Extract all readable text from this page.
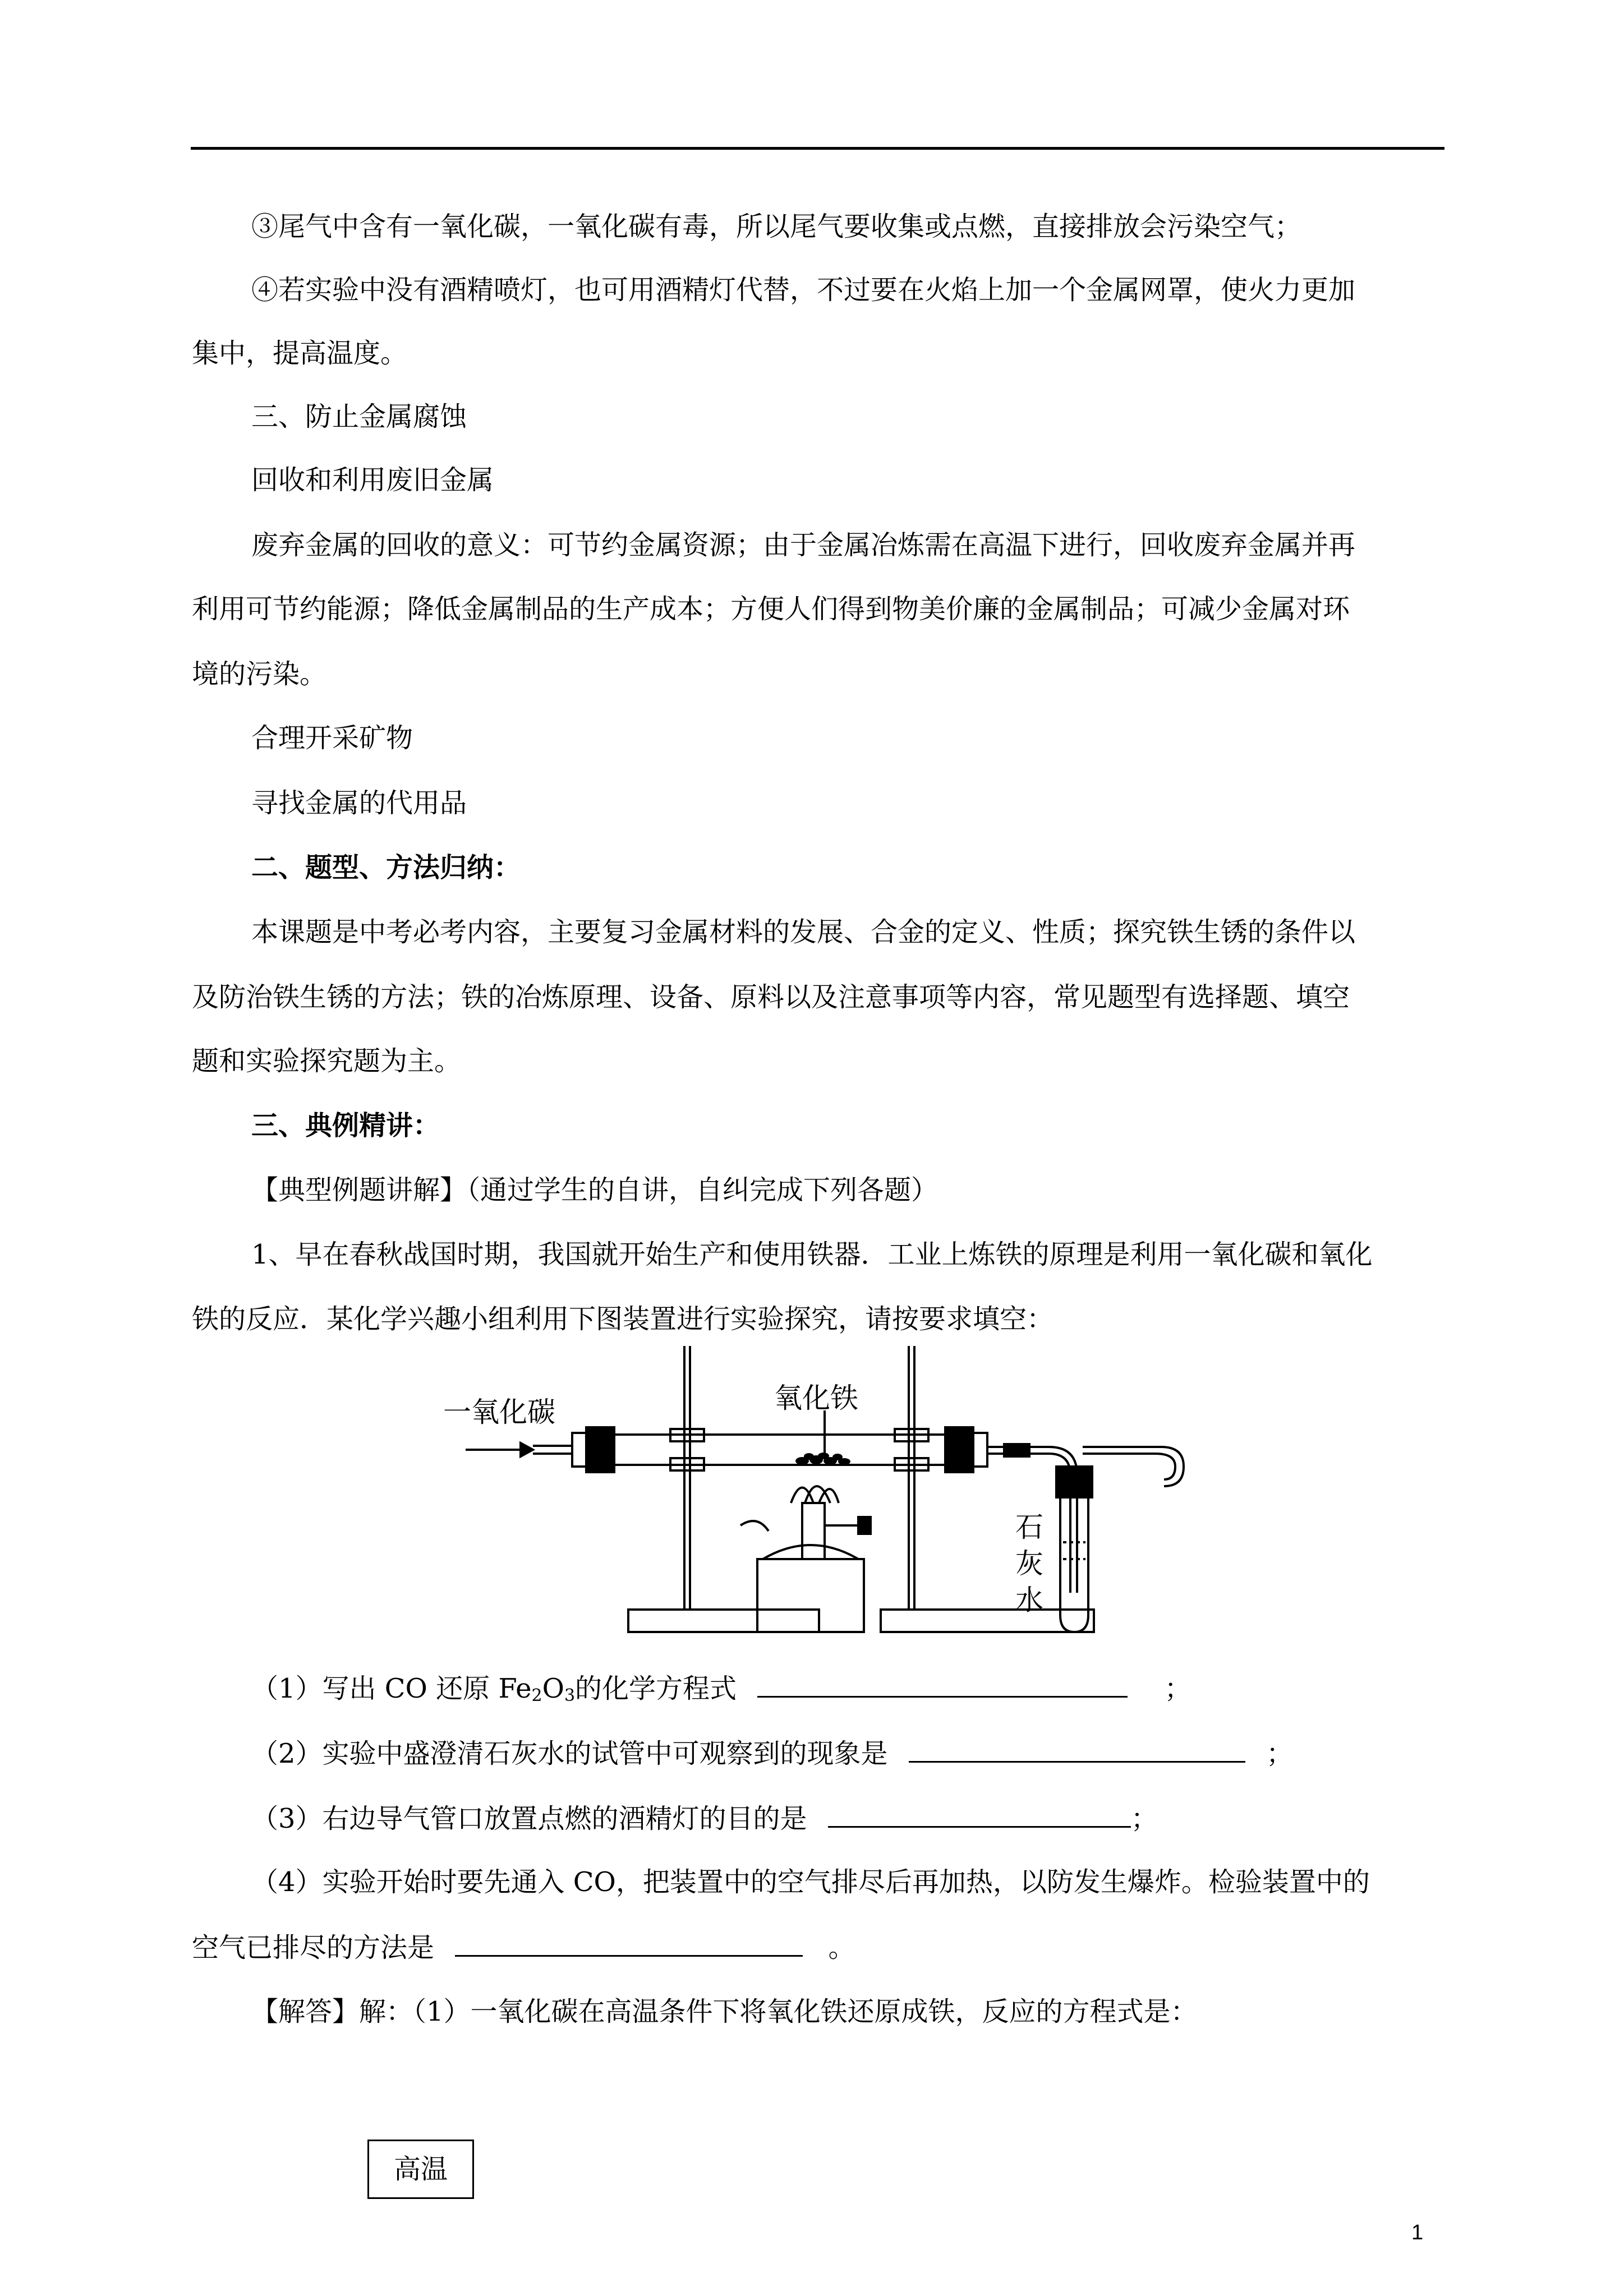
③尾气中含有一氧化碳，一氧化碳有毒，所以尾气要收集或点燃，直接排放会污染空气；
④若实验中没有酒精喷灯，也可用酒精灯代替，不过要在火焰上加一个金属网罩，使火力更加
集中，提高温度。
三、防止金属腐蚀
回收和利用废旧金属
废弃金属的回收的意义：可节约金属资源；由于金属冶炼需在高温下进行，回收废弃金属并再
利用可节约能源；降低金属制品的生产成本；方便人们得到物美价廉的金属制品；可减少金属对环
境的污染。
合理开采矿物
寻找金属的代用品
二、题型、方法归纳：
本课题是中考必考内容，主要复习金属材料的发展、合金的定义、性质；探究铁生锈的条件以
及防治铁生锈的方法；铁的冶炼原理、设备、原料以及注意事项等内容，常见题型有选择题、填空
题和实验探究题为主。
三、典例精讲：
【典型例题讲解】（通过学生的自讲，自纠完成下列各题）
1、早在春秋战国时期，我国就开始生产和使用铁器．工业上炼铁的原理是利用一氧化碳和氧化
铁的反应．某化学兴趣小组利用下图装置进行实验探究，请按要求填空：
一氧化碳	氧化铁
石
灰
水
（1）写出 CO 还原 $Fe_2O_3$的化学方程式	；
（2）实验中盛澄清石灰水的试管中可观察到的现象是	；
（3）右边导气管口放置点燃的酒精灯的目的是	；
（4）实验开始时要先通入 CO，把装置中的空气排尽后再加热，以防发生爆炸。检验装置中的
空气已排尽的方法是	。
【解答】解：（1）一氧化碳在高温条件下将氧化铁还原成铁，反应的方程式是：
高温
1
